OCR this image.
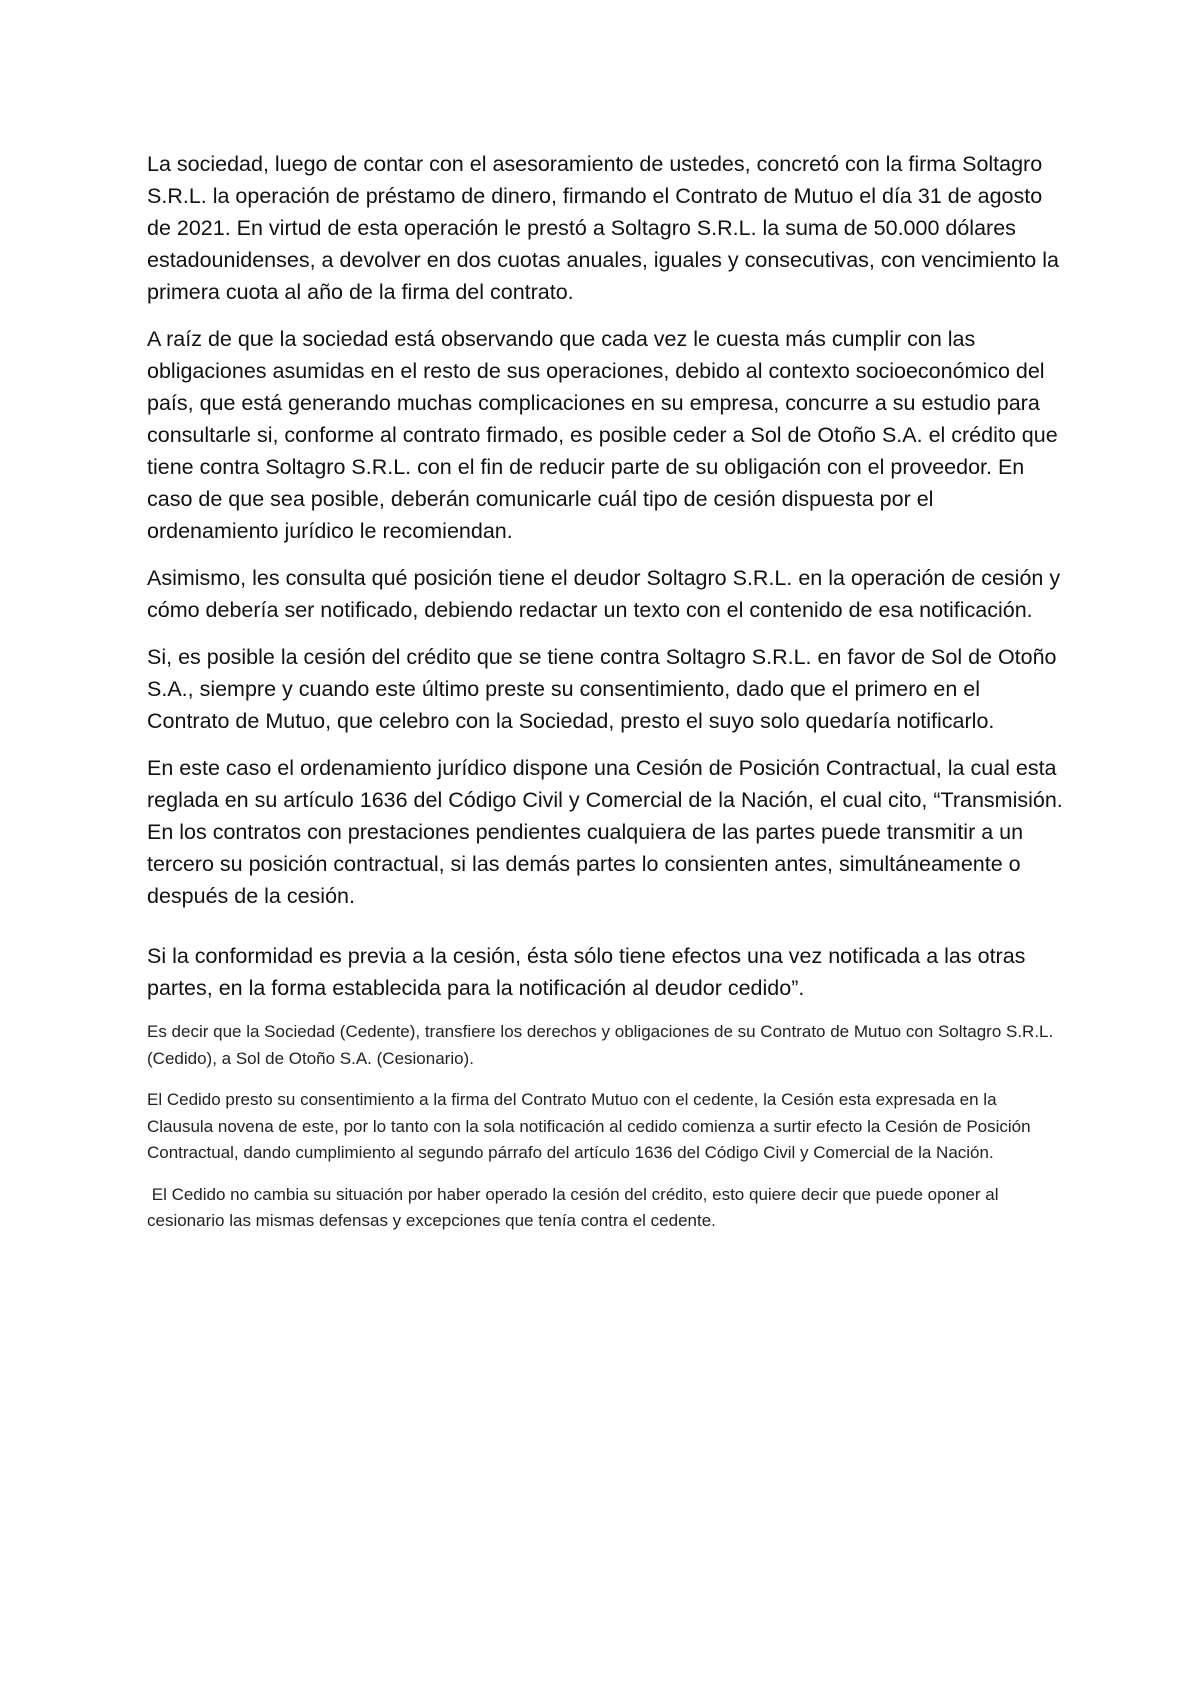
La sociedad, luego de contar con el asesoramiento de ustedes, concretó con la firma Soltagro S.R.L. la operación de préstamo de dinero, firmando el Contrato de Mutuo el día 31 de agosto de 2021. En virtud de esta operación le prestó a Soltagro S.R.L. la suma de 50.000 dólares estadounidenses, a devolver en dos cuotas anuales, iguales y consecutivas, con vencimiento la primera cuota al año de la firma del contrato.

A raíz de que la sociedad está observando que cada vez le cuesta más cumplir con las obligaciones asumidas en el resto de sus operaciones, debido al contexto socioeconómico del país, que está generando muchas complicaciones en su empresa, concurre a su estudio para consultarle si, conforme al contrato firmado, es posible ceder a Sol de Otoño S.A. el crédito que tiene contra Soltagro S.R.L. con el fin de reducir parte de su obligación con el proveedor. En caso de que sea posible, deberán comunicarle cuál tipo de cesión dispuesta por el ordenamiento jurídico le recomiendan.

Asimismo, les consulta qué posición tiene el deudor Soltagro S.R.L. en la operación de cesión y cómo debería ser notificado, debiendo redactar un texto con el contenido de esa notificación.

Si, es posible la cesión del crédito que se tiene contra Soltagro S.R.L. en favor de Sol de Otoño S.A., siempre y cuando este último preste su consentimiento, dado que el primero en el Contrato de Mutuo, que celebro con la Sociedad, presto el suyo solo quedaría notificarlo.

En este caso el ordenamiento jurídico dispone una Cesión de Posición Contractual, la cual esta reglada en su artículo 1636 del Código Civil y Comercial de la Nación, el cual cito, “Transmisión. En los contratos con prestaciones pendientes cualquiera de las partes puede transmitir a un tercero su posición contractual, si las demás partes lo consienten antes, simultáneamente o después de la cesión.

Si la conformidad es previa a la cesión, ésta sólo tiene efectos una vez notificada a las otras partes, en la forma establecida para la notificación al deudor cedido”.

Es decir que la Sociedad (Cedente), transfiere los derechos y obligaciones de su Contrato de Mutuo con Soltagro S.R.L.(Cedido), a Sol de Otoño S.A. (Cesionario).

El Cedido presto su consentimiento a la firma del Contrato Mutuo con el cedente, la Cesión esta expresada en la Clausula novena de este, por lo tanto con la sola notificación al cedido comienza a surtir efecto la Cesión de Posición Contractual, dando cumplimiento al segundo párrafo del artículo 1636 del Código Civil y Comercial de la Nación.

El Cedido no cambia su situación por haber operado la cesión del crédito, esto quiere decir que puede oponer al cesionario las mismas defensas y excepciones que tenía contra el cedente.
